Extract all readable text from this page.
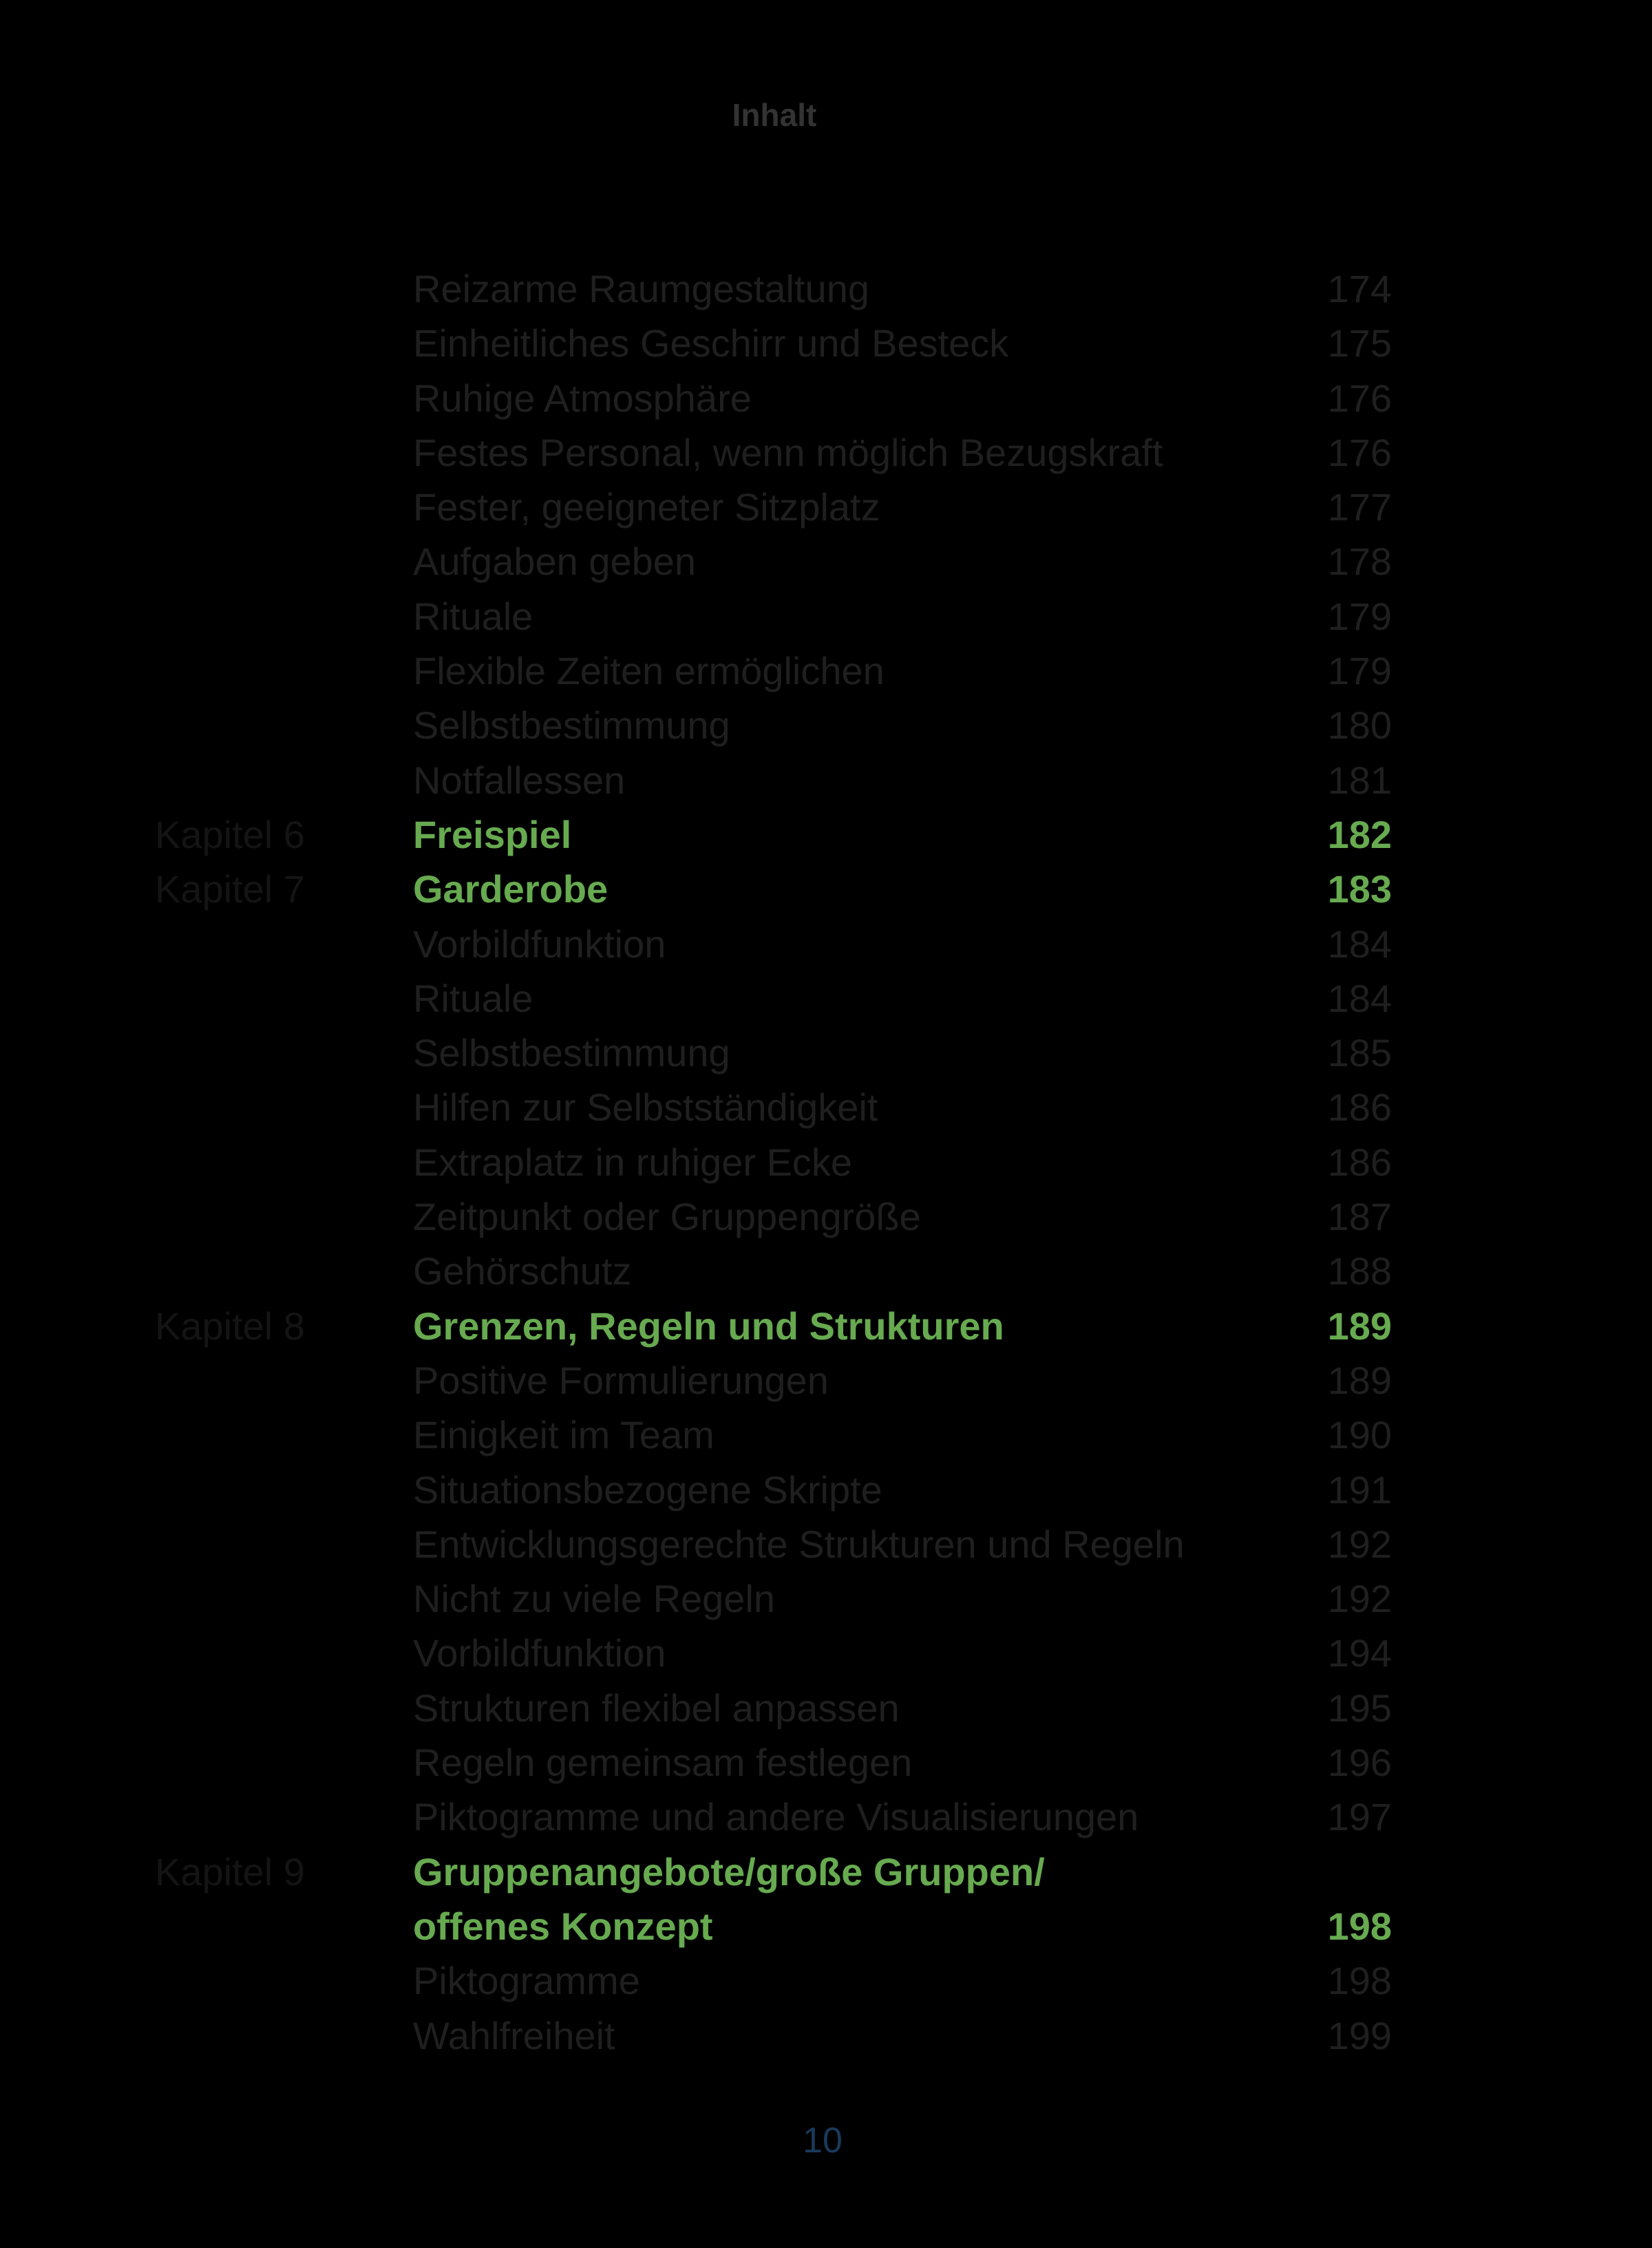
Inhalt
Reizarme Raumgestaltung	174
Einheitliches Geschirr und Besteck	175
Ruhige Atmosphäre	176
Festes Personal, wenn möglich Bezugskraft	176
Fester, geeigneter Sitzplatz	177
Aufgaben geben	178
Rituale	179
Flexible Zeiten ermöglichen	179
Selbstbestimmung	180
Notfallessen	181
Kapitel 6	Freispiel	182
Kapitel 7	Garderobe	183
Vorbildfunktion	184
Rituale	184
Selbstbestimmung	185
Hilfen zur Selbstständigkeit	186
Extraplatz in ruhiger Ecke	186
Zeitpunkt oder Gruppengröße	187
Gehörschutz	188
Kapitel 8	Grenzen, Regeln und Strukturen	189
Positive Formulierungen	189
Einigkeit im Team	190
Situationsbezogene Skripte	191
Entwicklungsgerechte Strukturen und Regeln	192
Nicht zu viele Regeln	192
Vorbildfunktion	194
Strukturen flexibel anpassen	195
Regeln gemeinsam festlegen	196
Piktogramme und andere Visualisierungen	197
Kapitel 9	Gruppenangebote/große Gruppen/
offenes Konzept	198
Piktogramme	198
Wahlfreiheit	199
10
